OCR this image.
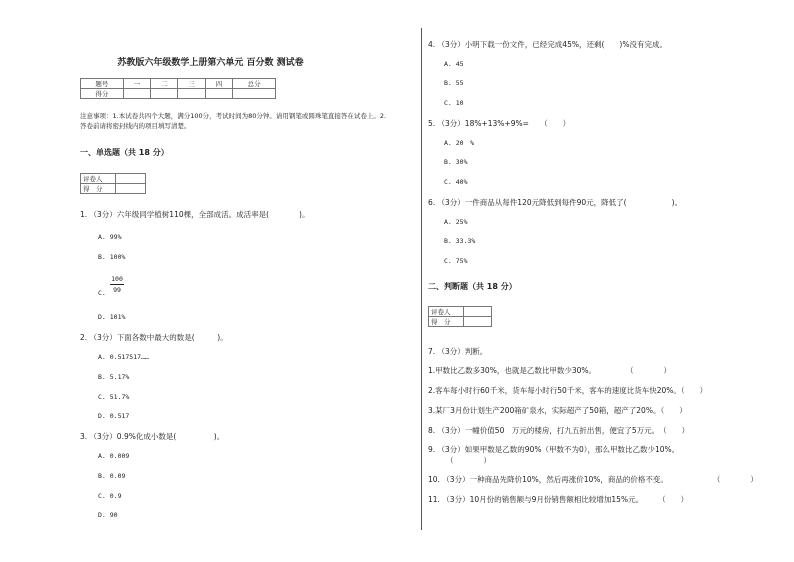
苏教版六年级数学上册第六单元 百分数 测试卷
题号	一	二	三	四	总分
得分					
注意事项：1.本试卷共四个大题，满分100分，考试时间为80分钟。请用钢笔或圆珠笔直接答在试卷上。2.
答卷前请将密封线内的项目填写清楚。
一、单选题（共 18 分）
评卷人	
得　分	
1. （3分）六年级同学植树110棵，全部成活。成活率是(　　　　)。
A. 99%
B. 100%
C.
100
99
D. 101%
2. （3分）下面各数中最大的数是(　　　)。
A. 0.517517……
B. 5.17%
C. 51.7%
D. 0.517
3. （3分）0.9%化成小数是(　　　　　)。
A. 0.009
B. 0.09
C. 0.9
D. 90
4. （3分）小明下载一份文件，已经完成45%，还剩(　　)%没有完成。
A. 45
B. 55
C. 10
5. （3分）18%+13%+9%=　　（　　）
A. 20　%
B. 30%
C. 40%
6. （3分）一件商品从每件120元降低到每件90元，降低了(　　　　　　)。
A. 25%
B. 33.3%
C. 75%
二、判断题（共 18 分）
评卷人	
得　分	
7. （3分）判断。
1.甲数比乙数多30%，也就是乙数比甲数少30%。　　　　　（　　　　）
2.客车每小时行60千米，货车每小时行50千米，客车的速度比货车快20%。（　　）
3.某厂3月份计划生产200箱矿泉水，实际超产了50箱，超产了20%。（　　）
8. （3分）一幢价值50　万元的楼房，打九五折出售，便宜了5万元。　（　　）
9. （3分）如果甲数是乙数的90%（甲数不为0），那么甲数比乙数少10%。
（　　　　）
10. （3分）一种商品先降价10%，然后再涨价10%，商品的价格不变。　　　　　　　（　　　　）
11. （3分）10月份的销售额与9月份销售额相比较增加15%元。　　　（　　）
